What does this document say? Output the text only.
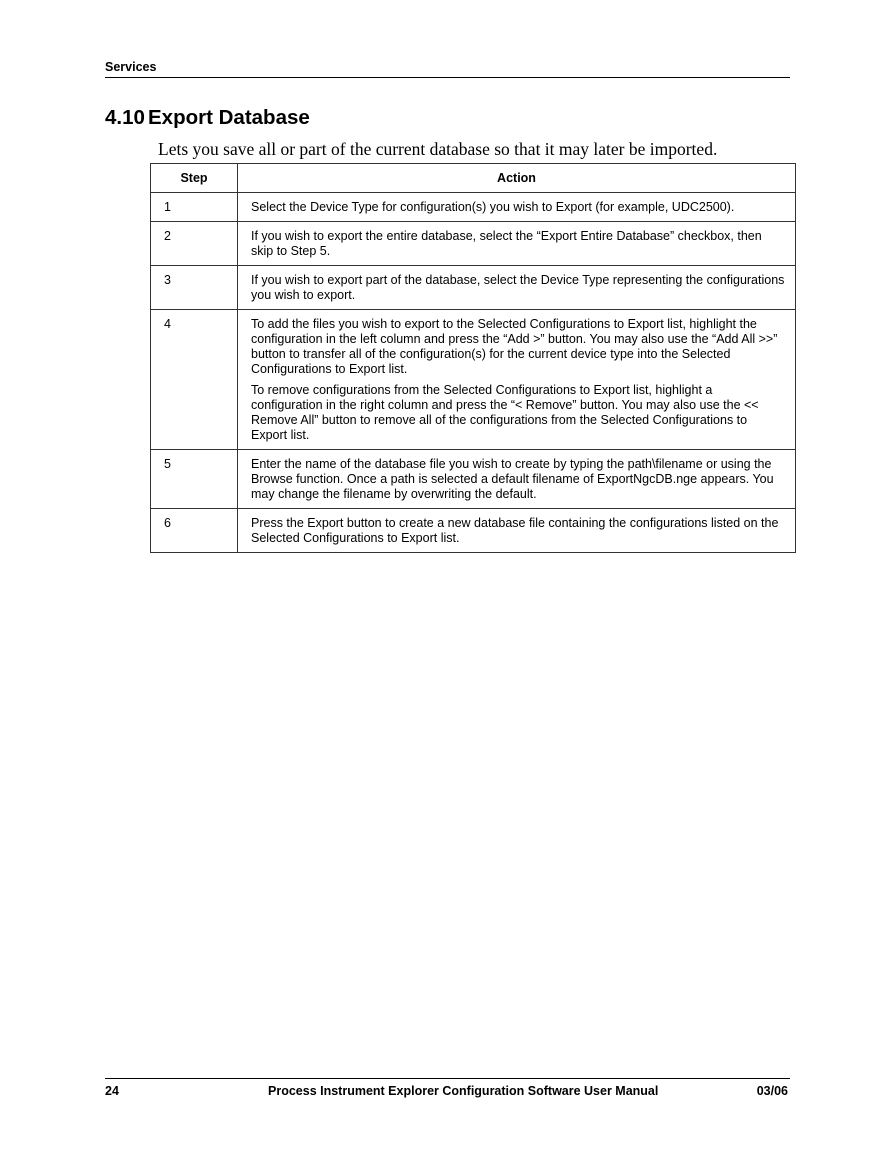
Services
4.10 Export Database
Lets you save all or part of the current database so that it may later be imported.
Step	Action
1	Select the Device Type for configuration(s) you wish to Export (for example, UDC2500).

2	If you wish to export the entire database, select the “Export Entire Database” checkbox, then skip to Step 5.

3	If you wish to export part of the database, select the Device Type representing the configurations you wish to export.

4	To add the files you wish to export to the Selected Configurations to Export list, highlight the configuration in the left column and press the “Add >” button. You may also use the “Add All >>” button to transfer all of the configuration(s) for the current device type into the Selected Configurations to Export list.

To remove configurations from the Selected Configurations to Export list, highlight a configuration in the right column and press the “< Remove” button. You may also use the << Remove All” button to remove all of the configurations from the Selected Configurations to Export list.

5	Enter the name of the database file you wish to create by typing the path\filename or using the Browse function. Once a path is selected a default filename of ExportNgcDB.nge appears. You may change the filename by overwriting the default.

6	Press the Export button to create a new database file containing the configurations listed on the Selected Configurations to Export list.

24	Process Instrument Explorer Configuration Software User Manual	03/06
